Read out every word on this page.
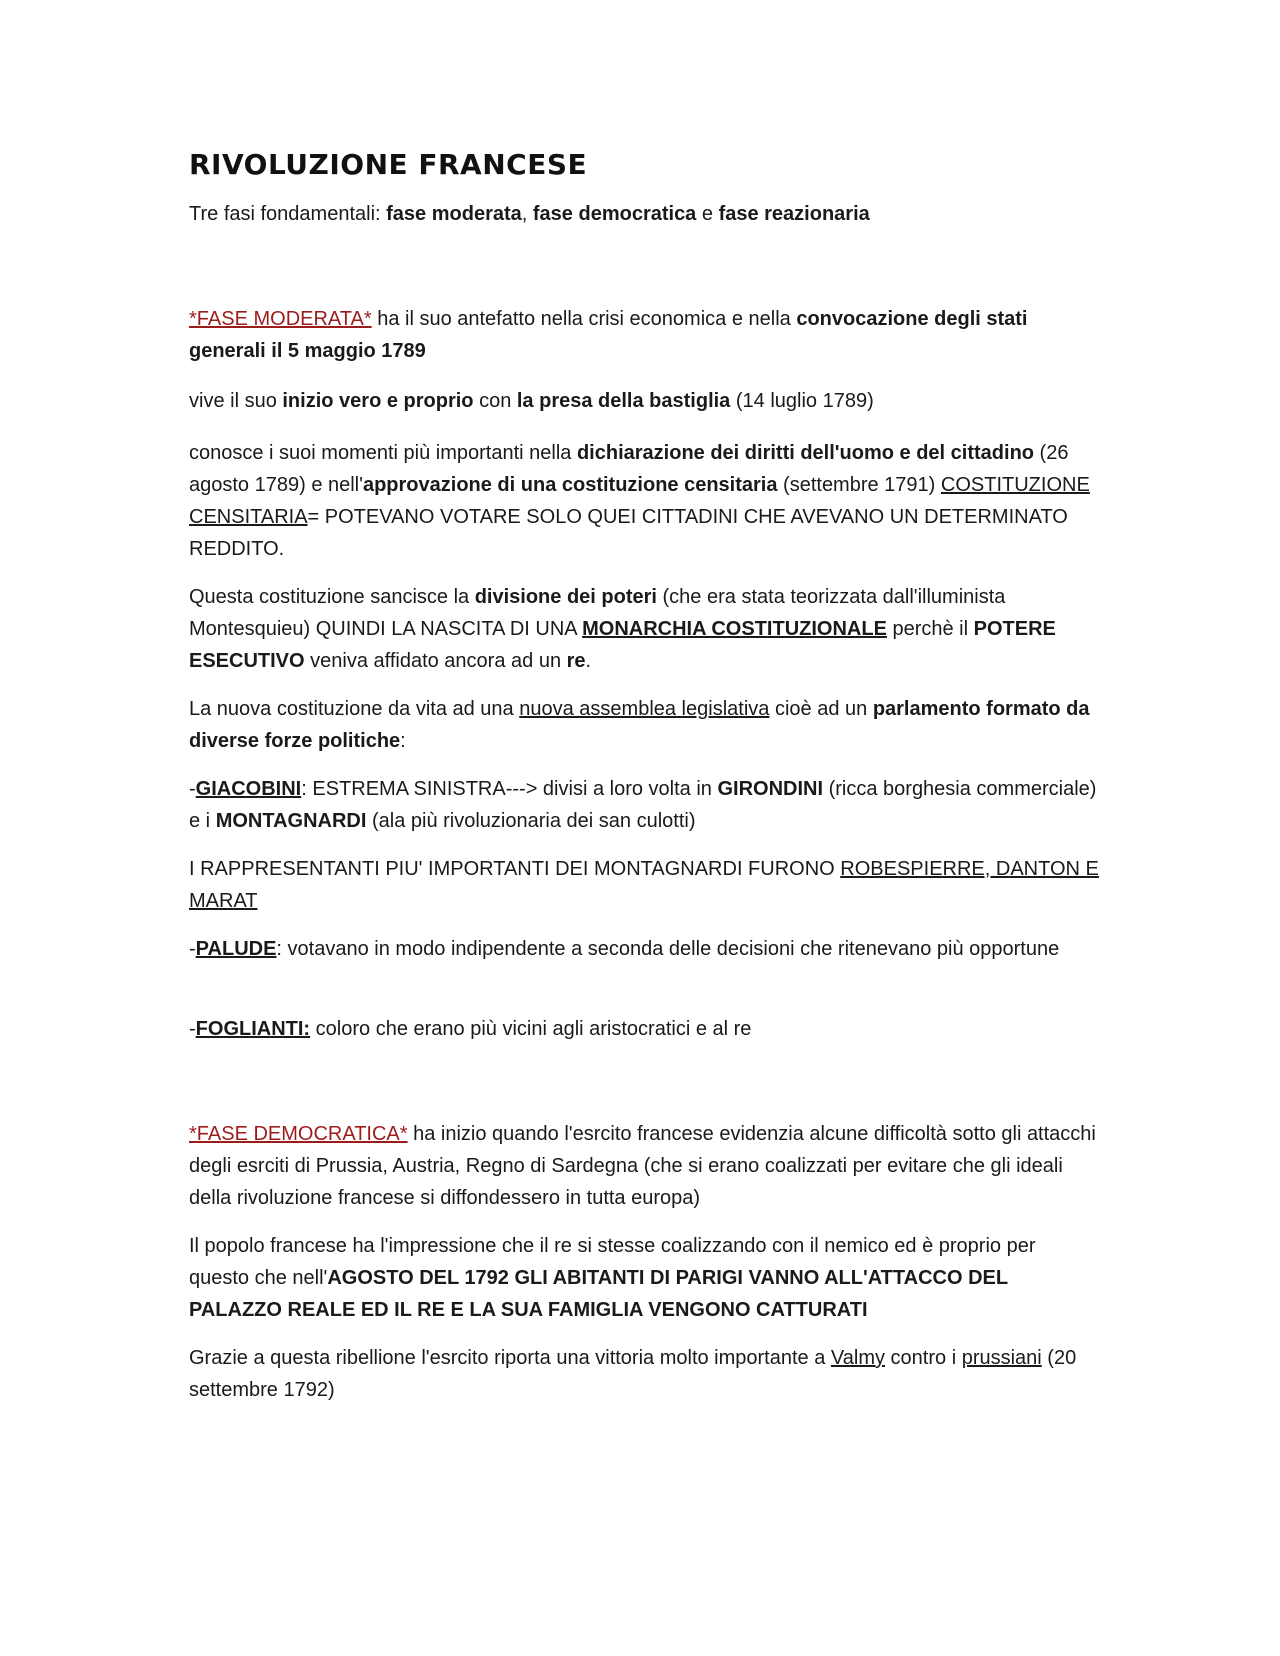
RIVOLUZIONE FRANCESE

Tre fasi fondamentali: fase moderata, fase democratica e fase reazionaria

*FASE MODERATA* ha il suo antefatto nella crisi economica e nella convocazione degli stati generali il 5 maggio 1789

vive il suo inizio vero e proprio con la presa della bastiglia (14 luglio 1789)

conosce i suoi momenti più importanti nella dichiarazione dei diritti dell'uomo e del cittadino (26 agosto 1789) e nell'approvazione di una costituzione censitaria (settembre 1791) COSTITUZIONE CENSITARIA= POTEVANO VOTARE SOLO QUEI CITTADINI CHE AVEVANO UN DETERMINATO REDDITO.

Questa costituzione sancisce la divisione dei poteri (che era stata teorizzata dall'illuminista Montesquieu) QUINDI LA NASCITA DI UNA MONARCHIA COSTITUZIONALE perchè il POTERE ESECUTIVO veniva affidato ancora ad un re.

La nuova costituzione da vita ad una nuova assemblea legislativa cioè ad un parlamento formato da diverse forze politiche:

-GIACOBINI: ESTREMA SINISTRA---> divisi a loro volta in GIRONDINI (ricca borghesia commerciale) e i MONTAGNARDI (ala più rivoluzionaria dei san culotti)

I RAPPRESENTANTI PIU' IMPORTANTI DEI MONTAGNARDI FURONO ROBESPIERRE, DANTON E MARAT

-PALUDE: votavano in modo indipendente a seconda delle decisioni che ritenevano più opportune

-FOGLIANTI: coloro che erano più vicini agli aristocratici e al re

*FASE DEMOCRATICA* ha inizio quando l'esrcito francese evidenzia alcune difficoltà sotto gli attacchi degli esrciti di Prussia, Austria, Regno di Sardegna (che si erano coalizzati per evitare che gli ideali della rivoluzione francese si diffondessero in tutta europa)

Il popolo francese ha l'impressione che il re si stesse coalizzando con il nemico ed è proprio per questo che nell'AGOSTO DEL 1792 GLI ABITANTI DI PARIGI VANNO ALL'ATTACCO DEL PALAZZO REALE ED IL RE E LA SUA FAMIGLIA VENGONO CATTURATI

Grazie a questa ribellione l'esrcito riporta una vittoria molto importante a Valmy contro i prussiani (20 settembre 1792)
